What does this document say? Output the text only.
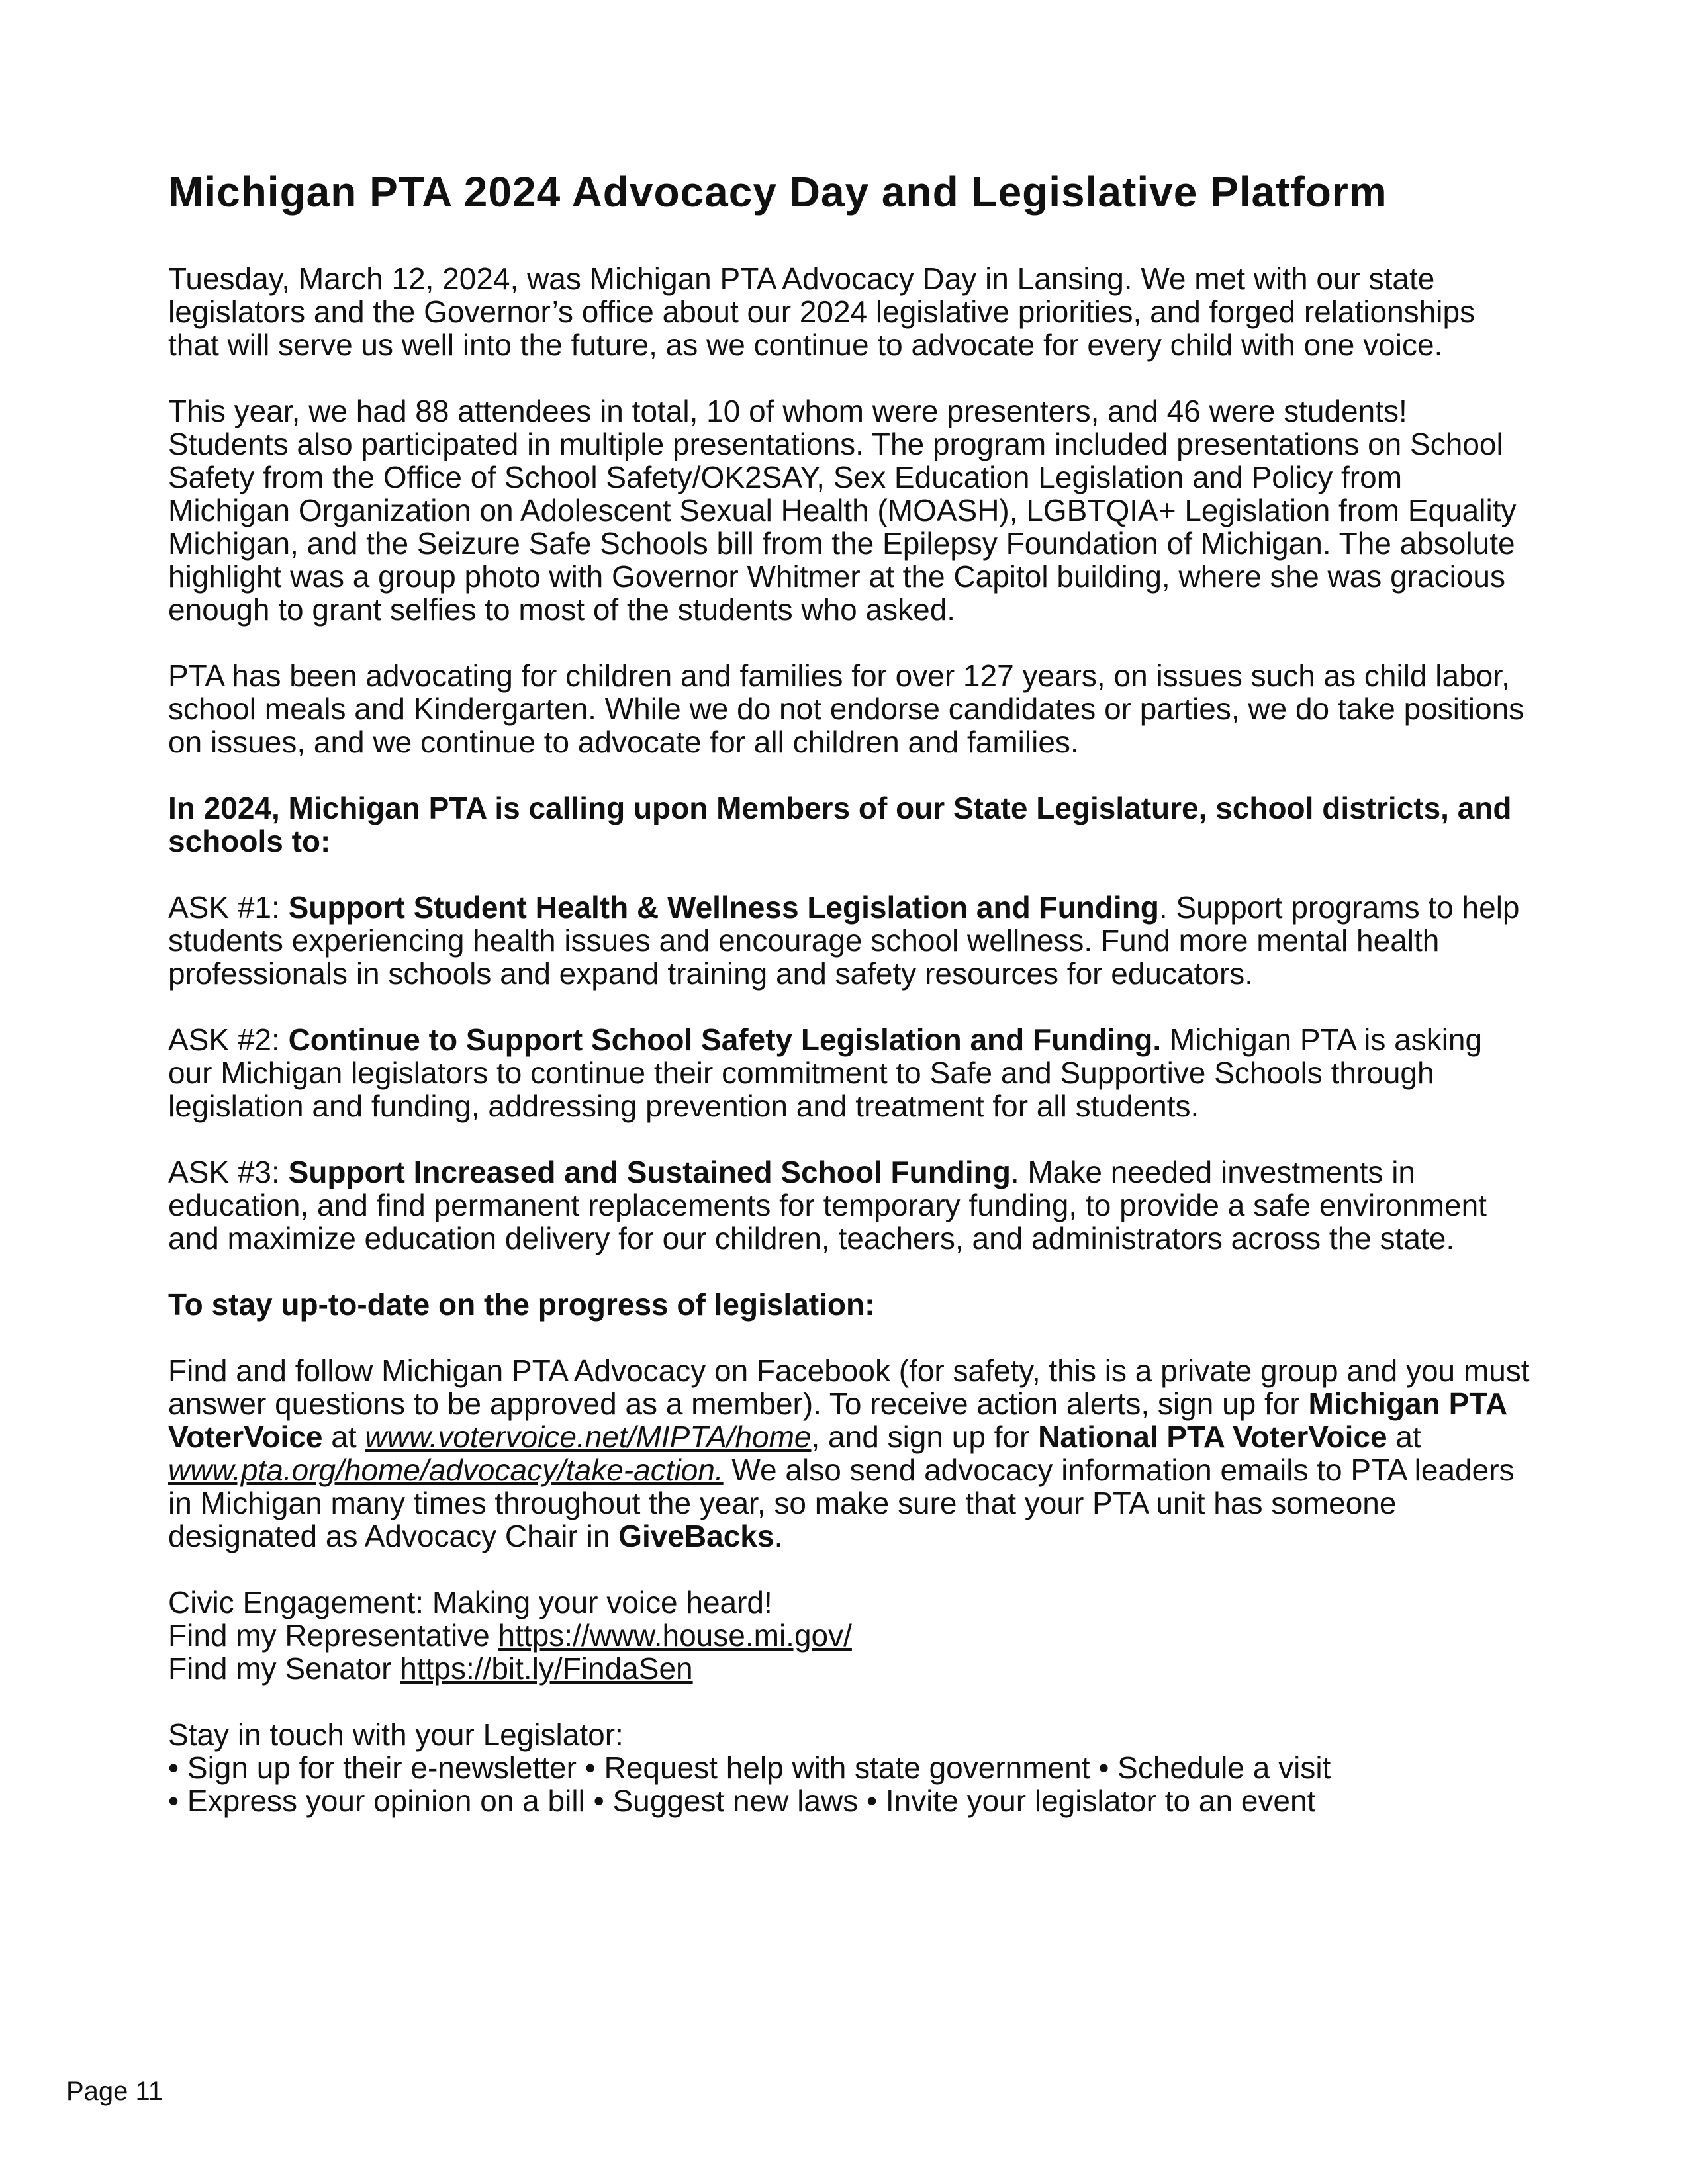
Michigan PTA 2024 Advocacy Day and Legislative Platform

Tuesday, March 12, 2024, was Michigan PTA Advocacy Day in Lansing. We met with our state legislators and the Governor’s office about our 2024 legislative priorities, and forged relationships that will serve us well into the future, as we continue to advocate for every child with one voice.

This year, we had 88 attendees in total, 10 of whom were presenters, and 46 were students! Students also participated in multiple presentations. The program included presentations on School Safety from the Office of School Safety/OK2SAY, Sex Education Legislation and Policy from Michigan Organization on Adolescent Sexual Health (MOASH), LGBTQIA+ Legislation from Equality Michigan, and the Seizure Safe Schools bill from the Epilepsy Foundation of Michigan. The absolute highlight was a group photo with Governor Whitmer at the Capitol building, where she was gracious enough to grant selfies to most of the students who asked.

PTA has been advocating for children and families for over 127 years, on issues such as child labor, school meals and Kindergarten. While we do not endorse candidates or parties, we do take positions on issues, and we continue to advocate for all children and families.

In 2024, Michigan PTA is calling upon Members of our State Legislature, school districts, and schools to:

ASK #1: Support Student Health & Wellness Legislation and Funding. Support programs to help students experiencing health issues and encourage school wellness. Fund more mental health professionals in schools and expand training and safety resources for educators.

ASK #2: Continue to Support School Safety Legislation and Funding. Michigan PTA is asking our Michigan legislators to continue their commitment to Safe and Supportive Schools through legislation and funding, addressing prevention and treatment for all students.

ASK #3: Support Increased and Sustained School Funding. Make needed investments in education, and find permanent replacements for temporary funding, to provide a safe environment and maximize education delivery for our children, teachers, and administrators across the state.

To stay up-to-date on the progress of legislation:

Find and follow Michigan PTA Advocacy on Facebook (for safety, this is a private group and you must answer questions to be approved as a member). To receive action alerts, sign up for Michigan PTA VoterVoice at www.votervoice.net/MIPTA/home, and sign up for National PTA VoterVoice at www.pta.org/home/advocacy/take-action. We also send advocacy information emails to PTA leaders in Michigan many times throughout the year, so make sure that your PTA unit has someone designated as Advocacy Chair in GiveBacks.

Civic Engagement: Making your voice heard!
Find my Representative https://www.house.mi.gov/
Find my Senator https://bit.ly/FindaSen
Stay in touch with your Legislator:
• Sign up for their e-newsletter • Request help with state government • Schedule a visit
• Express your opinion on a bill • Suggest new laws • Invite your legislator to an event
Page 11
